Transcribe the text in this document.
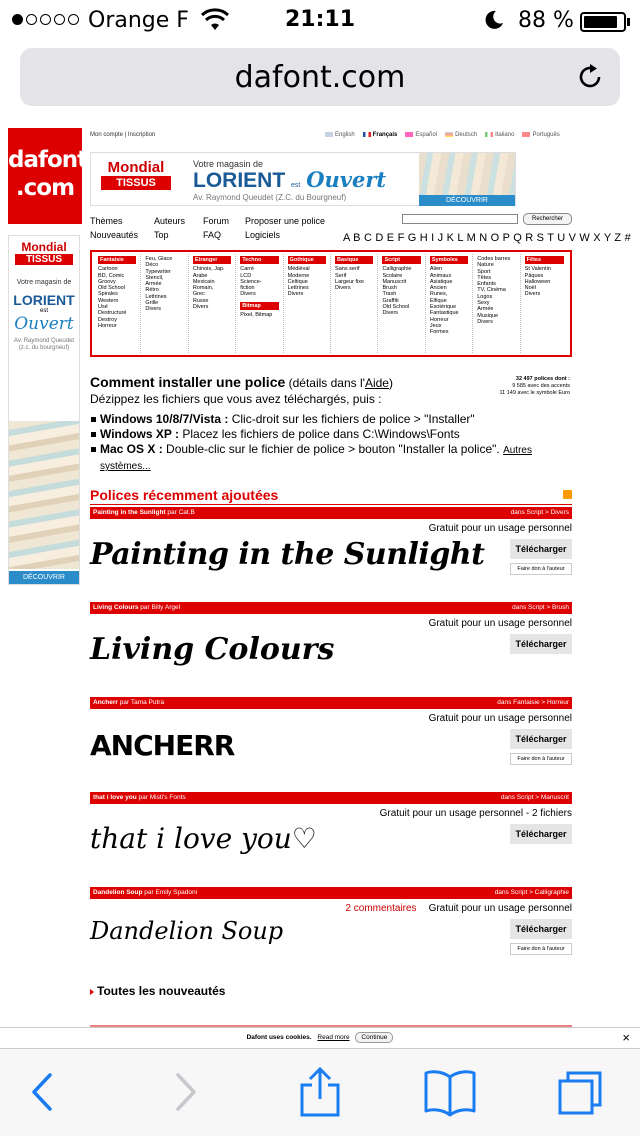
Orange F	21:11	88 %
dafont.com
dafont
.com
Mon compte | Inscription	English	Français	Español	Deutsch	Italiano	Português
Mondial
TISSUS
Votre magasin de
LORIENT est Ouvert
Av. Raymond Queudet (Z.C. du Bourgneuf)	DÉCOUVRIR
Thèmes
Nouveautés
Auteurs
Top
Forum
FAQ
Proposer une police
Logiciels
Rechercher
A B C D E F G H I J K L M N O P Q R S T U V W X Y Z #
Mondial
TISSUS
Votre magasin de
LORIENT
est
Ouvert
Av. Raymond Queudet (z.c. du bourgneuf)
DÉCOUVRIR
Fantaisie
Cartoon
BD, Comic
Groovy
Old School
Spirales
Western
Usé
Destructuré
Destroy
Horreur
Feu, Glace
Déco
Typewriter
Stencil,
Armée
Rétro
Lettrines
Grille
Divers
Etranger
Chinois, Jap.
Arabe
Mexicain
Romain,
Grec
Russe
Divers
Techno
Carré
LCD
Science-
fiction
Divers
Bitmap
Pixel, Bitmap
Gothique
Médiéval
Moderne
Celtique
Lettrines
Divers
Basique
Sans serif
Serif
Largeur fixe
Divers
Script
Calligraphie
Scolaire
Manuscrit
Brush
Trash
Graffiti
Old School
Divers
Symboles
Alien
Animaux
Asiatique
Ancien
Runes,
Elfique
Esotérique
Fantastique
Horreur
Jeux
Formes
Codes barres
Nature
Sport
Têtes
Enfants
TV, Cinéma
Logos
Sexy
Armée
Musique
Divers
Fêtes
St Valentin
Pâques
Halloween
Noël
Divers
Comment installer une police (détails dans l'Aide)
Dézippez les fichiers que vous avez téléchargés, puis :
Windows 10/8/7/Vista : Clic-droit sur les fichiers de police > "Installer"
Windows XP : Placez les fichiers de police dans C:\Windows\Fonts
Mac OS X : Double-clic sur le fichier de police > bouton "Installer la police". Autres systèmes...
32 497 polices dont :
9 585 avec des accents
11 149 avec le symbole Euro
Polices récemment ajoutées
Painting in the Sunlight par Cat.B	dans Script > Divers
Gratuit pour un usage personnel
Télécharger
Faire don à l'auteur
Painting in the Sunlight
Living Colours par Billy Argel	dans Script > Brush
Gratuit pour un usage personnel
Télécharger
Living Colours
Ancherr par Tama Putra	dans Fantaisie > Horreur
Gratuit pour un usage personnel
Télécharger
Faire don à l'auteur
ANCHERR
that i love you par Misti's Fonts	dans Script > Manuscrit
Gratuit pour un usage personnel - 2 fichiers
Télécharger
that i love you♡
Dandelion Soup par Emily Spadoni	dans Script > Calligraphie
2 commentaires Gratuit pour un usage personnel
Télécharger
Faire don à l'auteur
Dandelion Soup
Toutes les nouveautés
Dafont uses cookies. Read more Continue	×
